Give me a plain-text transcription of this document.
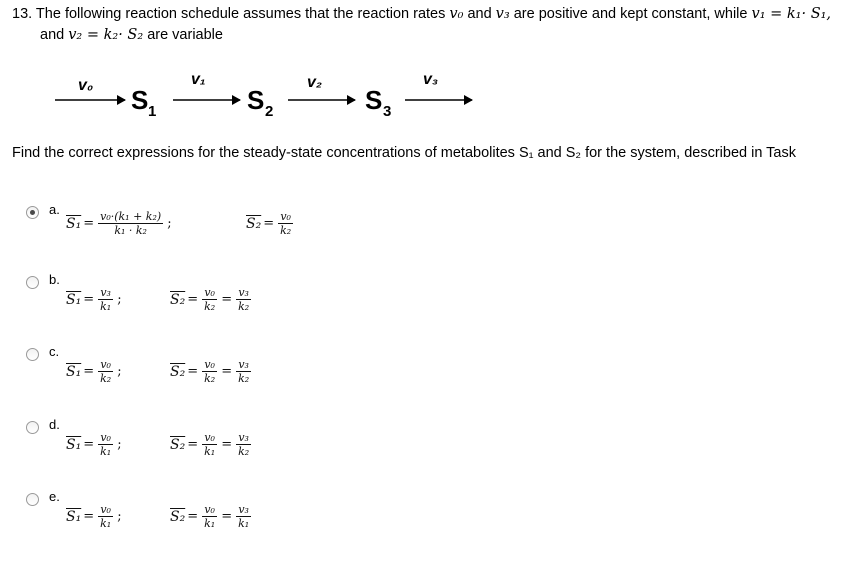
13. The following reaction schedule assumes that the reaction rates v₀ and v₃ are positive and kept constant, while v₁ = k₁· S₁,
and v₂ = k₂· S₂ are variable
v₀	v₁	v₂	v₃
S 1	S 2	S 3
Find the correct expressions for the steady-state concentrations of metabolites S₁ and S₂ for the system, described in Task
a.
$S_1 = \frac{\text{v₀·(k₁ + k₂)}}{\text{k₁ · k₂}}$ ;	$S_2 = \frac{\text{v₀}}{\text{k₂}}$
b.
$S_1 = \frac{\text{v₃}}{\text{k₁}}$ ;	$S_2 = \frac{\text{v₀}}{\text{k₂}} = \frac{\text{v₃}}{\text{k₂}}$
c.
$S_1 = \frac{\text{v₀}}{\text{k₂}}$ ;	$S_2 = \frac{\text{v₀}}{\text{k₂}} = \frac{\text{v₃}}{\text{k₂}}$
d.
$S_1 = \frac{\text{v₀}}{\text{k₁}}$ ;	$S_2 = \frac{\text{v₀}}{\text{k₁}} = \frac{\text{v₃}}{\text{k₂}}$
e.
$S_1 = \frac{\text{v₀}}{\text{k₁}}$ ;	$S_2 = \frac{\text{v₀}}{\text{k₁}} = \frac{\text{v₃}}{\text{k₁}}$
